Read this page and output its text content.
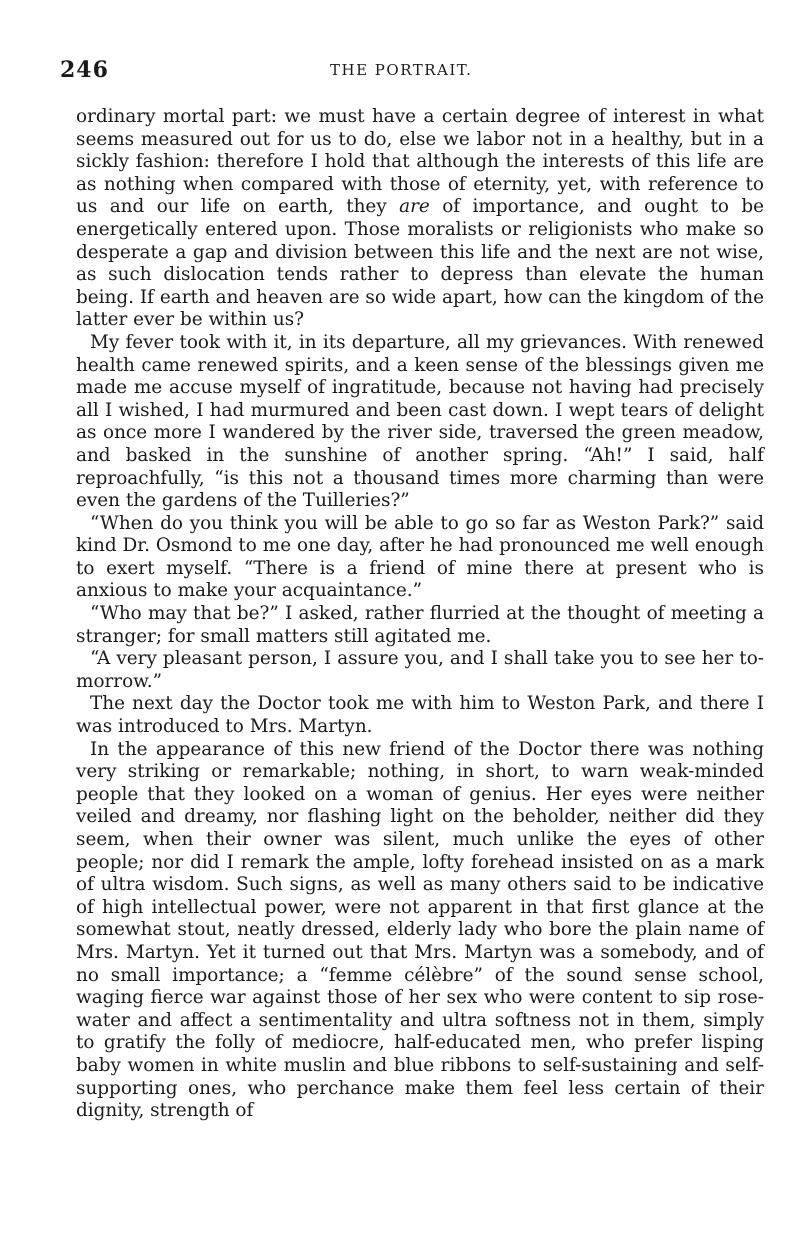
246	THE PORTRAIT.

ordinary mortal part: we must have a certain degree of interest in what seems measured out for us to do, else we labor not in a healthy, but in a sickly fashion: therefore I hold that although the interests of this life are as nothing when compared with those of eternity, yet, with reference to us and our life on earth, they are of importance, and ought to be energetically entered upon. Those moralists or religionists who make so desperate a gap and division between this life and the next are not wise, as such dislocation tends rather to depress than elevate the human being. If earth and heaven are so wide apart, how can the kingdom of the latter ever be within us?

My fever took with it, in its departure, all my grievances. With renewed health came renewed spirits, and a keen sense of the blessings given me made me accuse myself of ingratitude, because not having had precisely all I wished, I had murmured and been cast down. I wept tears of delight as once more I wandered by the river side, traversed the green meadow, and basked in the sunshine of another spring. “Ah!” I said, half reproachfully, “is this not a thousand times more charming than were even the gardens of the Tuilleries?”

“When do you think you will be able to go so far as Weston Park?” said kind Dr. Osmond to me one day, after he had pronounced me well enough to exert myself. “There is a friend of mine there at present who is anxious to make your acquaintance.”

“Who may that be?” I asked, rather flurried at the thought of meeting a stranger; for small matters still agitated me.

“A very pleasant person, I assure you, and I shall take you to see her to-morrow.”

The next day the Doctor took me with him to Weston Park, and there I was introduced to Mrs. Martyn.

In the appearance of this new friend of the Doctor there was nothing very striking or remarkable; nothing, in short, to warn weak-minded people that they looked on a woman of genius. Her eyes were neither veiled and dreamy, nor flashing light on the beholder, neither did they seem, when their owner was silent, much unlike the eyes of other people; nor did I remark the ample, lofty forehead insisted on as a mark of ultra wisdom. Such signs, as well as many others said to be indicative of high intellectual power, were not apparent in that first glance at the somewhat stout, neatly dressed, elderly lady who bore the plain name of Mrs. Martyn. Yet it turned out that Mrs. Martyn was a somebody, and of no small importance; a “femme célèbre” of the sound sense school, waging fierce war against those of her sex who were content to sip rose-water and affect a sentimentality and ultra softness not in them, simply to gratify the folly of mediocre, half-educated men, who prefer lisping baby women in white muslin and blue ribbons to self-sustaining and self-supporting ones, who perchance make them feel less certain of their dignity, strength of
